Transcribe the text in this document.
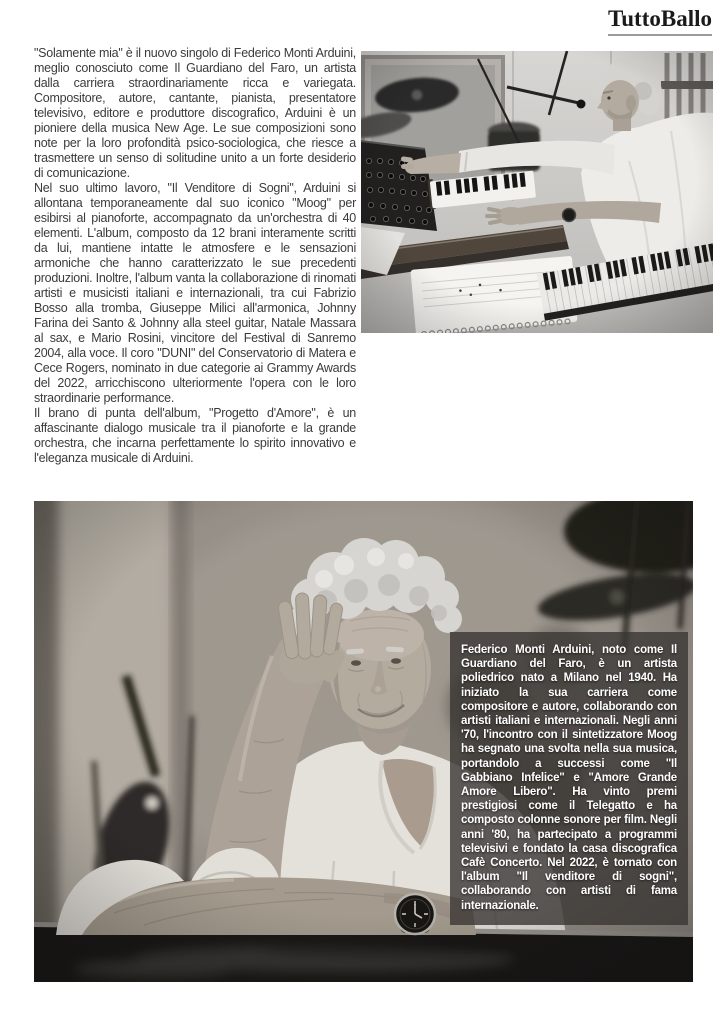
TuttoBallo

"Solamente mia" è il nuovo singolo di Federico Monti Arduini, meglio conosciuto come Il Guardiano del Faro, un artista dalla carriera straordinariamente ricca e variegata. Compositore, autore, cantante, pianista, presentatore televisivo, editore e produttore discografico, Arduini è un pioniere della musica New Age. Le sue composizioni sono note per la loro profondità psico-sociologica, che riesce a trasmettere un senso di solitudine unito a un forte desiderio di comunicazione.

Nel suo ultimo lavoro, "Il Venditore di Sogni", Arduini si allontana temporaneamente dal suo iconico "Moog" per esibirsi al pianoforte, accompagnato da un'orchestra di 40 elementi. L'album, composto da 12 brani interamente scritti da lui, mantiene intatte le atmosfere e le sensazioni armoniche che hanno caratterizzato le sue precedenti produzioni. Inoltre, l'album vanta la collaborazione di rinomati artisti e musicisti italiani e internazionali, tra cui Fabrizio Bosso alla tromba, Giuseppe Milici all'armonica, Johnny Farina dei Santo & Johnny alla steel guitar, Natale Massara al sax, e Mario Rosini, vincitore del Festival di Sanremo 2004, alla voce. Il coro "DUNI" del Conservatorio di Matera e Cece Rogers, nominato in due categorie ai Grammy Awards del 2022, arricchiscono ulteriormente l'opera con le loro straordinarie performance.

Il brano di punta dell'album, "Progetto d'Amore", è un affascinante dialogo musicale tra il pianoforte e la grande orchestra, che incarna perfettamente lo spirito innovativo e l'eleganza musicale di Arduini.

Federico Monti Arduini, noto come Il Guardiano del Faro, è un artista poliedrico nato a Milano nel 1940. Ha iniziato la sua carriera come compositore e autore, collaborando con artisti italiani e internazionali. Negli anni '70, l'incontro con il sintetizzatore Moog ha segnato una svolta nella sua musica, portandolo a successi come "Il Gabbiano Infelice" e "Amore Grande Amore Libero". Ha vinto premi prestigiosi come il Telegatto e ha composto colonne sonore per film. Negli anni '80, ha partecipato a programmi televisivi e fondato la casa discografica Cafè Concerto. Nel 2022, è tornato con l'album "Il venditore di sogni", collaborando con artisti di fama internazionale.
